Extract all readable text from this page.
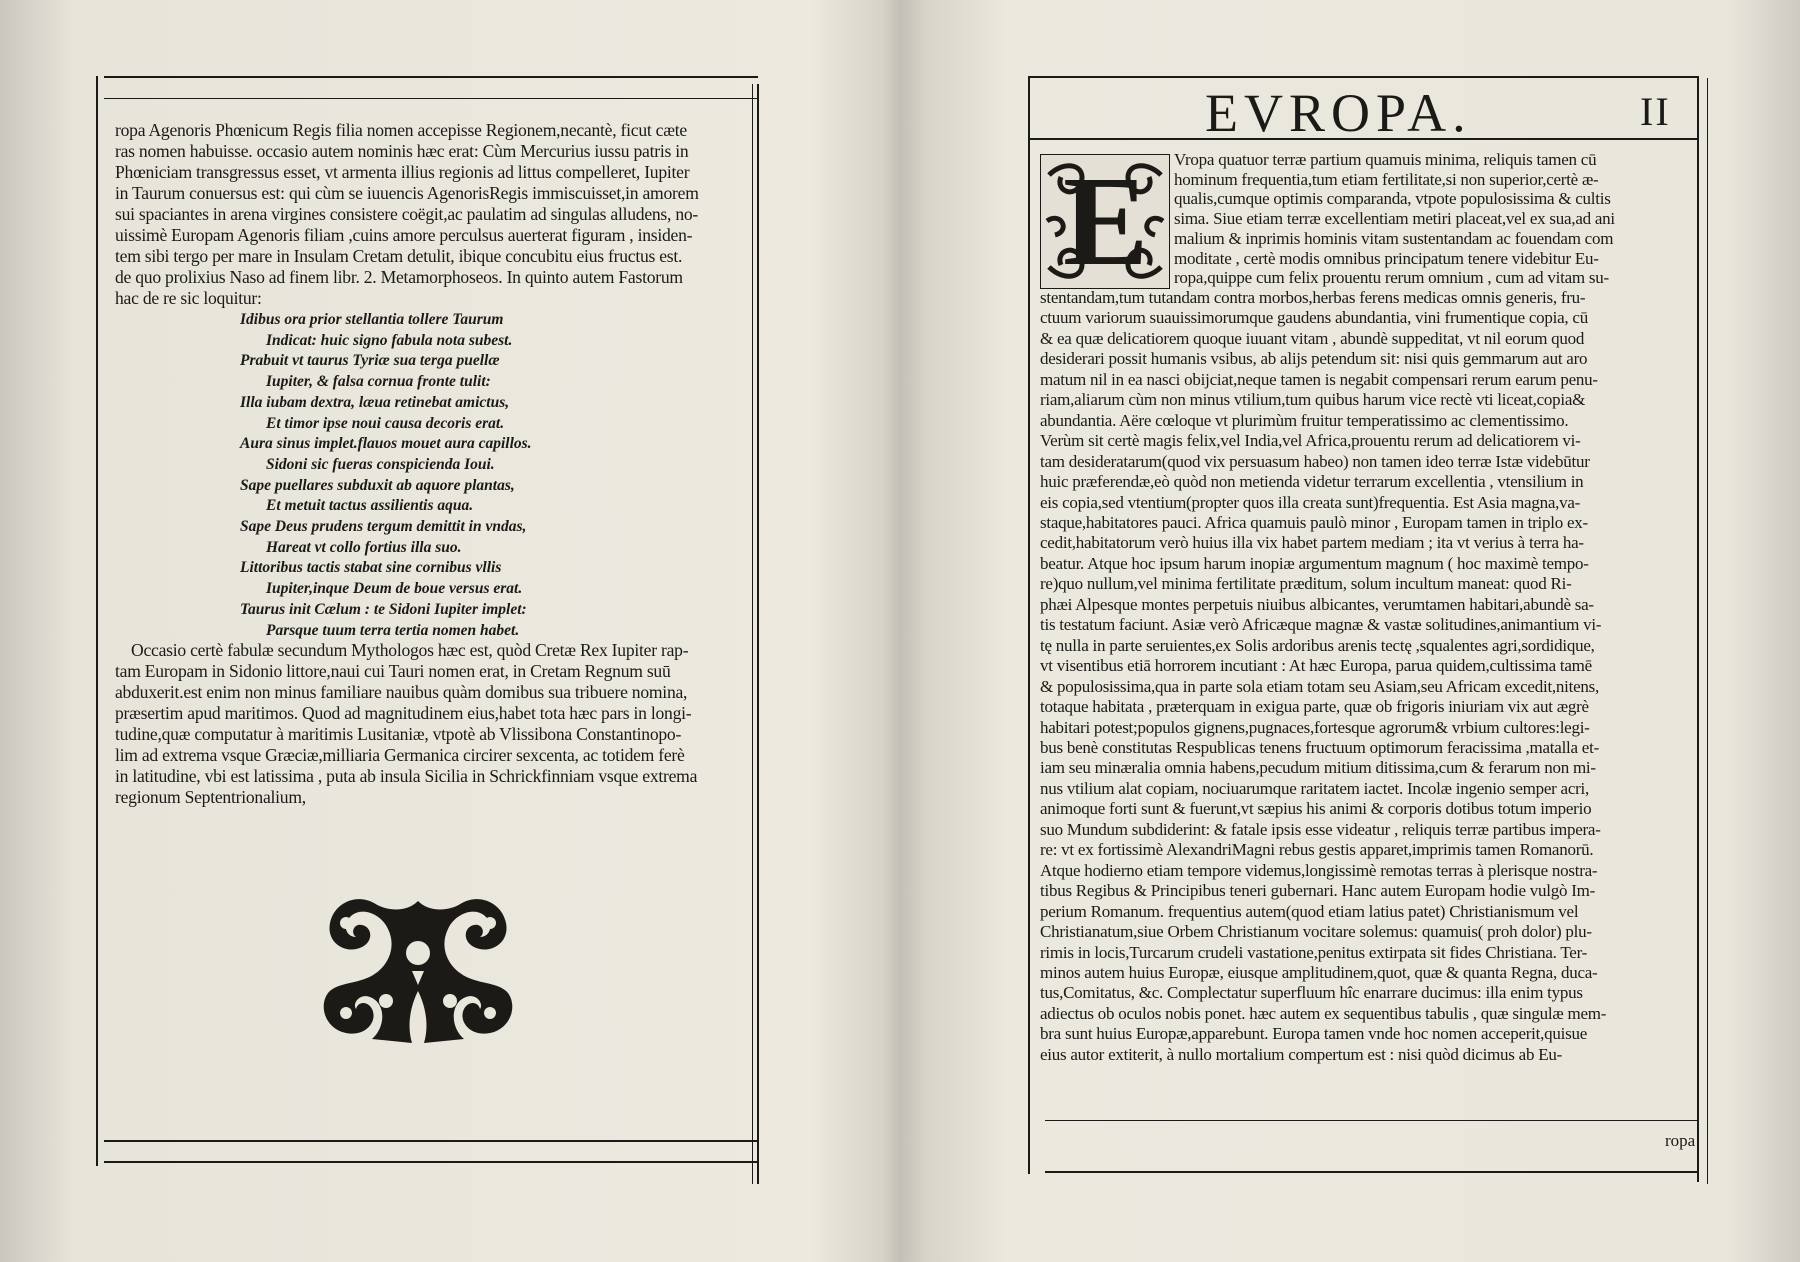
ropa Agenoris Phœnicum Regis filia nomen accepisse Regionem,necantè, ficut cæte

ras nomen habuisse. occasio autem nominis hæc erat: Cùm Mercurius iussu patris in

Phœniciam transgressus esset, vt armenta illius regionis ad littus compelleret, Iupiter

in Taurum conuersus est: qui cùm se iuuencis AgenorisRegis immiscuisset,in amorem

sui spaciantes in arena virgines consistere coëgit,ac paulatim ad singulas alludens, no-

uissimè Europam Agenoris filiam ,cuins amore perculsus auerterat figuram , insiden-

tem sibi tergo per mare in Insulam Cretam detulit, ibique concubitu eius fructus est.

de quo prolixius Naso ad finem libr. 2. Metamorphoseos. In quinto autem Fastorum

hac de re sic loquitur:

Idibus ora prior stellantia tollere Taurum
Indicat: huic signo fabula nota subest.
Prabuit vt taurus Tyriæ sua terga puellæ
Iupiter, & falsa cornua fronte tulit:
Illa iubam dextra, læua retinebat amictus,
Et timor ipse noui causa decoris erat.
Aura sinus implet.flauos mouet aura capillos.
Sidoni sic fueras conspicienda Ioui.
Sape puellares subduxit ab aquore plantas,
Et metuit tactus assilientis aqua.
Sape Deus prudens tergum demittit in vndas,
Hareat vt collo fortius illa suo.
Littoribus tactis stabat sine cornibus vllis
Iupiter,inque Deum de boue versus erat.
Taurus init Cælum : te Sidoni Iupiter implet:
Parsque tuum terra tertia nomen habet.

Occasio certè fabulæ secundum Mythologos hæc est, quòd Cretæ Rex Iupiter rap-

tam Europam in Sidonio littore,naui cui Tauri nomen erat, in Cretam Regnum suū

abduxerit.est enim non minus familiare nauibus quàm domibus sua tribuere nomina,

præsertim apud maritimos. Quod ad magnitudinem eius,habet tota hæc pars in longi-

tudine,quæ computatur à maritimis Lusitaniæ, vtpotè ab Vlissibona Constantinopo-

lim ad extrema vsque Græciæ,milliaria Germanica circirer sexcenta, ac totidem ferè

in latitudine, vbi est latissima , puta ab insula Sicilia in Schrickfinniam vsque extrema

regionum Septentrionalium,

EVROPA.	II
E Vropa quatuor terræ partium quamuis minima, reliquis tamen cū

hominum frequentia,tum etiam fertilitate,si non superior,certè æ-

qualis,cumque optimis comparanda, vtpote populosissima & cultis

sima. Siue etiam terræ excellentiam metiri placeat,vel ex sua,ad ani

malium & inprimis hominis vitam sustentandam ac fouendam com

moditate , certè modis omnibus principatum tenere videbitur Eu-

ropa,quippe cum felix prouentu rerum omnium , cum ad vitam su-

stentandam,tum tutandam contra morbos,herbas ferens medicas omnis generis, fru-

ctuum variorum suauissimorumque gaudens abundantia, vini frumentique copia, cū

& ea quæ delicatiorem quoque iuuant vitam , abundè suppeditat, vt nil eorum quod

desiderari possit humanis vsibus, ab alijs petendum sit: nisi quis gemmarum aut aro

matum nil in ea nasci obijciat,neque tamen is negabit compensari rerum earum penu-

riam,aliarum cùm non minus vtilium,tum quibus harum vice rectè vti liceat,copia&

abundantia. Aëre cœloque vt plurimùm fruitur temperatissimo ac clementissimo.

Verùm sit certè magis felix,vel India,vel Africa,prouentu rerum ad delicatiorem vi-

tam desideratarum(quod vix persuasum habeo) non tamen ideo terræ Istæ videbūtur

huic præferendæ,eò quòd non metienda videtur terrarum excellentia , vtensilium in

eis copia,sed vtentium(propter quos illa creata sunt)frequentia. Est Asia magna,va-

staque,habitatores pauci. Africa quamuis paulò minor , Europam tamen in triplo ex-

cedit,habitatorum verò huius illa vix habet partem mediam ; ita vt verius à terra ha-

beatur. Atque hoc ipsum harum inopiæ argumentum magnum ( hoc maximè tempo-

re)quo nullum,vel minima fertilitate præditum, solum incultum maneat: quod Ri-

phæi Alpesque montes perpetuis niuibus albicantes, verumtamen habitari,abundè sa-

tis testatum faciunt. Asiæ verò Africæque magnæ & vastæ solitudines,animantium vi-

tę nulla in parte seruientes,ex Solis ardoribus arenis tectę ,squalentes agri,sordidique,

vt visentibus etiā horrorem incutiant : At hæc Europa, parua quidem,cultissima tamē

& populosissima,qua in parte sola etiam totam seu Asiam,seu Africam excedit,nitens,

totaque habitata , præterquam in exigua parte, quæ ob frigoris iniuriam vix aut ægrè

habitari potest;populos gignens,pugnaces,fortesque agrorum& vrbium cultores:legi-

bus benè constitutas Respublicas tenens fructuum optimorum feracissima ,matalla et-

iam seu minæralia omnia habens,pecudum mitium ditissima,cum & ferarum non mi-

nus vtilium alat copiam, nociuarumque raritatem iactet. Incolæ ingenio semper acri,

animoque forti sunt & fuerunt,vt sæpius his animi & corporis dotibus totum imperio

suo Mundum subdiderint: & fatale ipsis esse videatur , reliquis terræ partibus impera-

re: vt ex fortissimè AlexandriMagni rebus gestis apparet,imprimis tamen Romanorū.

Atque hodierno etiam tempore videmus,longissimè remotas terras à plerisque nostra-

tibus Regibus & Principibus teneri gubernari. Hanc autem Europam hodie vulgò Im-

perium Romanum. frequentius autem(quod etiam latius patet) Christianismum vel

Christianatum,siue Orbem Christianum vocitare solemus: quamuis( proh dolor) plu-

rimis in locis,Turcarum crudeli vastatione,penitus extirpata sit fides Christiana. Ter-

minos autem huius Europæ, eiusque amplitudinem,quot, quæ & quanta Regna, duca-

tus,Comitatus, &c. Complectatur superfluum hîc enarrare ducimus: illa enim typus

adiectus ob oculos nobis ponet. hæc autem ex sequentibus tabulis , quæ singulæ mem-

bra sunt huius Europæ,apparebunt. Europa tamen vnde hoc nomen acceperit,quisue

eius autor extiterit, à nullo mortalium compertum est : nisi quòd dicimus ab Eu-

ropa
